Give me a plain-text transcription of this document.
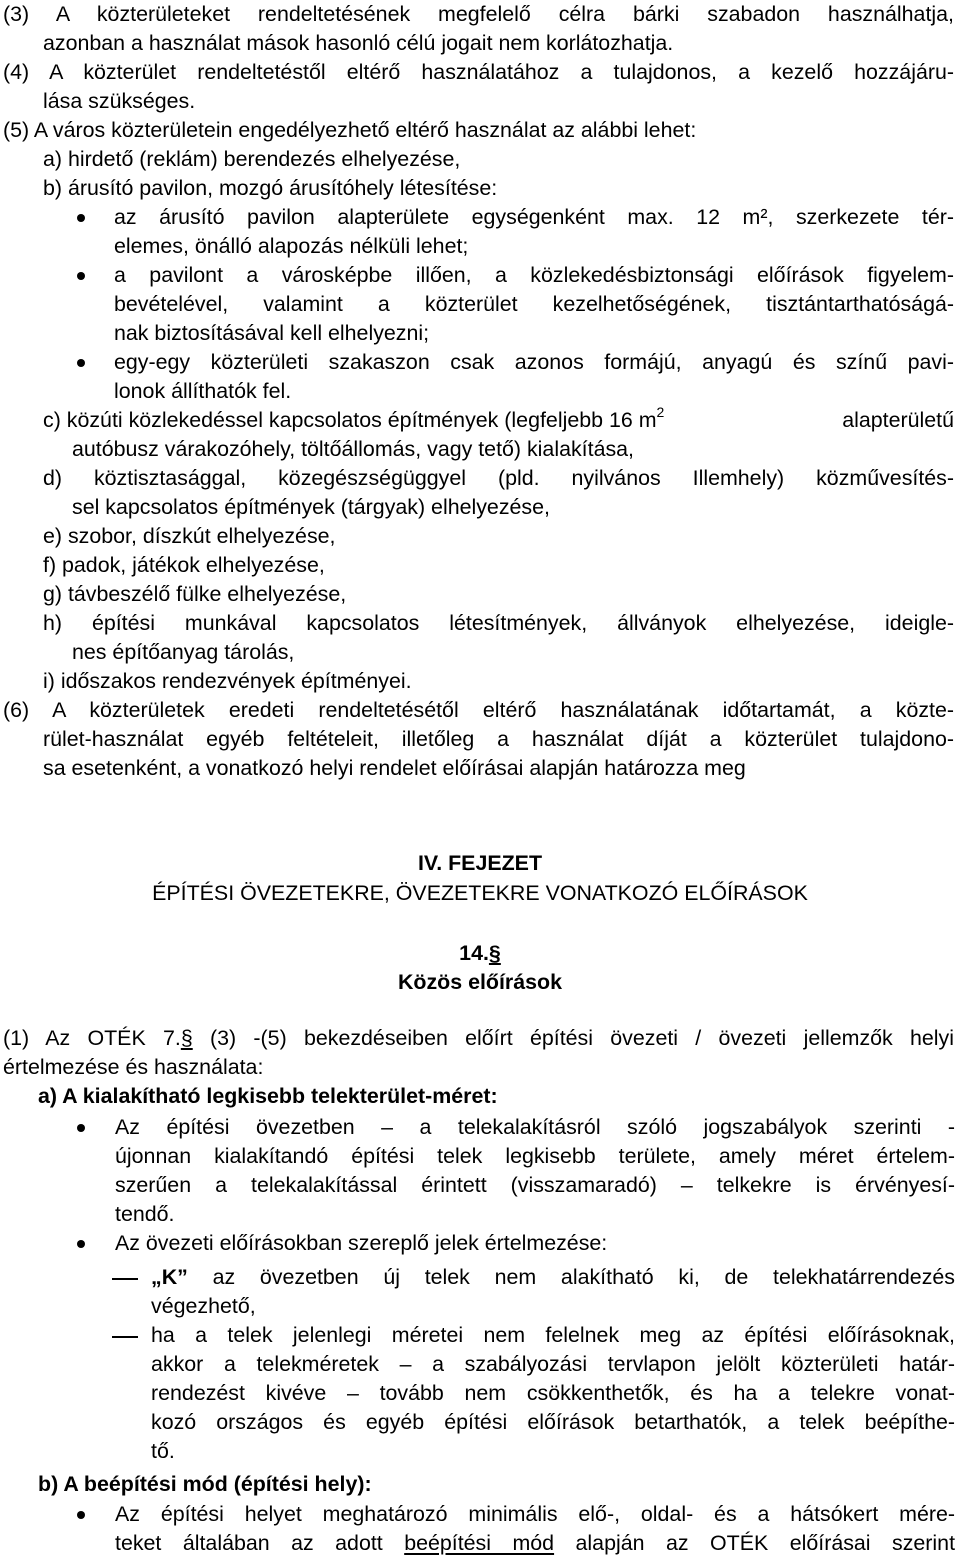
(3) A közterületeket rendeltetésének megfelelő célra bárki szabadon használhatja,
azonban a használat mások hasonló célú jogait nem korlátozhatja.
(4) A közterület rendeltetéstől eltérő használatához a tulajdonos, a kezelő hozzájáru-
lása szükséges.
(5) A város közterületein engedélyezhető eltérő használat az alábbi lehet:
a) hirdető (reklám) berendezés elhelyezése,
b) árusító pavilon, mozgó árusítóhely létesítése:
az árusító pavilon alapterülete egységenként max. 12 m², szerkezete tér-
elemes, önálló alapozás nélküli lehet;
a pavilont a városképbe illően, a közlekedésbiztonsági előírások figyelem-
bevételével, valamint a közterület kezelhetőségének, tisztántarthatóságá-
nak biztosításával kell elhelyezni;
egy-egy közterületi szakaszon csak azonos formájú, anyagú és színű pavi-
lonok állíthatók fel.
c) közúti közlekedéssel kapcsolatos építmények (legfeljebb 16 $m^2$	alapterületű
autóbusz várakozóhely, töltőállomás, vagy tető) kialakítása,
d) köztisztasággal, közegészségüggyel (pld. nyilvános Illemhely) közművesítés-
sel kapcsolatos építmények (tárgyak) elhelyezése,
e) szobor, díszkút elhelyezése,
f) padok, játékok elhelyezése,
g) távbeszélő fülke elhelyezése,
h) építési munkával kapcsolatos létesítmények, állványok elhelyezése, ideigle-
nes építőanyag tárolás,
i) időszakos rendezvények építményei.
(6) A közterületek eredeti rendeltetésétől eltérő használatának időtartamát, a közte-
rület-használat egyéb feltételeit, illetőleg a használat díját a közterület tulajdono-
sa esetenként, a vonatkozó helyi rendelet előírásai alapján határozza meg
IV. FEJEZET
ÉPÍTÉSI ÖVEZETEKRE, ÖVEZETEKRE VONATKOZÓ ELŐÍRÁSOK
14.§
Közös előírások
(1) Az OTÉK 7.§ (3) -(5) bekezdéseiben előírt építési övezeti / övezeti jellemzők helyi
értelmezése és használata:
a) A kialakítható legkisebb telekterület-méret:
Az építési övezetben – a telekalakításról szóló jogszabályok szerinti -
újonnan kialakítandó építési telek legkisebb területe, amely méret értelem-
szerűen a telekalakítással érintett (visszamaradó) – telkekre is érvényesí-
tendő.
Az övezeti előírásokban szereplő jelek értelmezése:
„K” az övezetben új telek nem alakítható ki, de telekhatárrendezés
végezhető,
ha a telek jelenlegi méretei nem felelnek meg az építési előírásoknak,
akkor a telekméretek – a szabályozási tervlapon jelölt közterületi határ-
rendezést kivéve – tovább nem csökkenthetők, és ha a telekre vonat-
kozó országos és egyéb építési előírások betarthatók, a telek beépíthe-
tő.
b) A beépítési mód (építési hely):
Az építési helyet meghatározó minimális elő-, oldal- és a hátsókert mére-
teket általában az adott beépítési mód alapján az OTÉK előírásai szerint
